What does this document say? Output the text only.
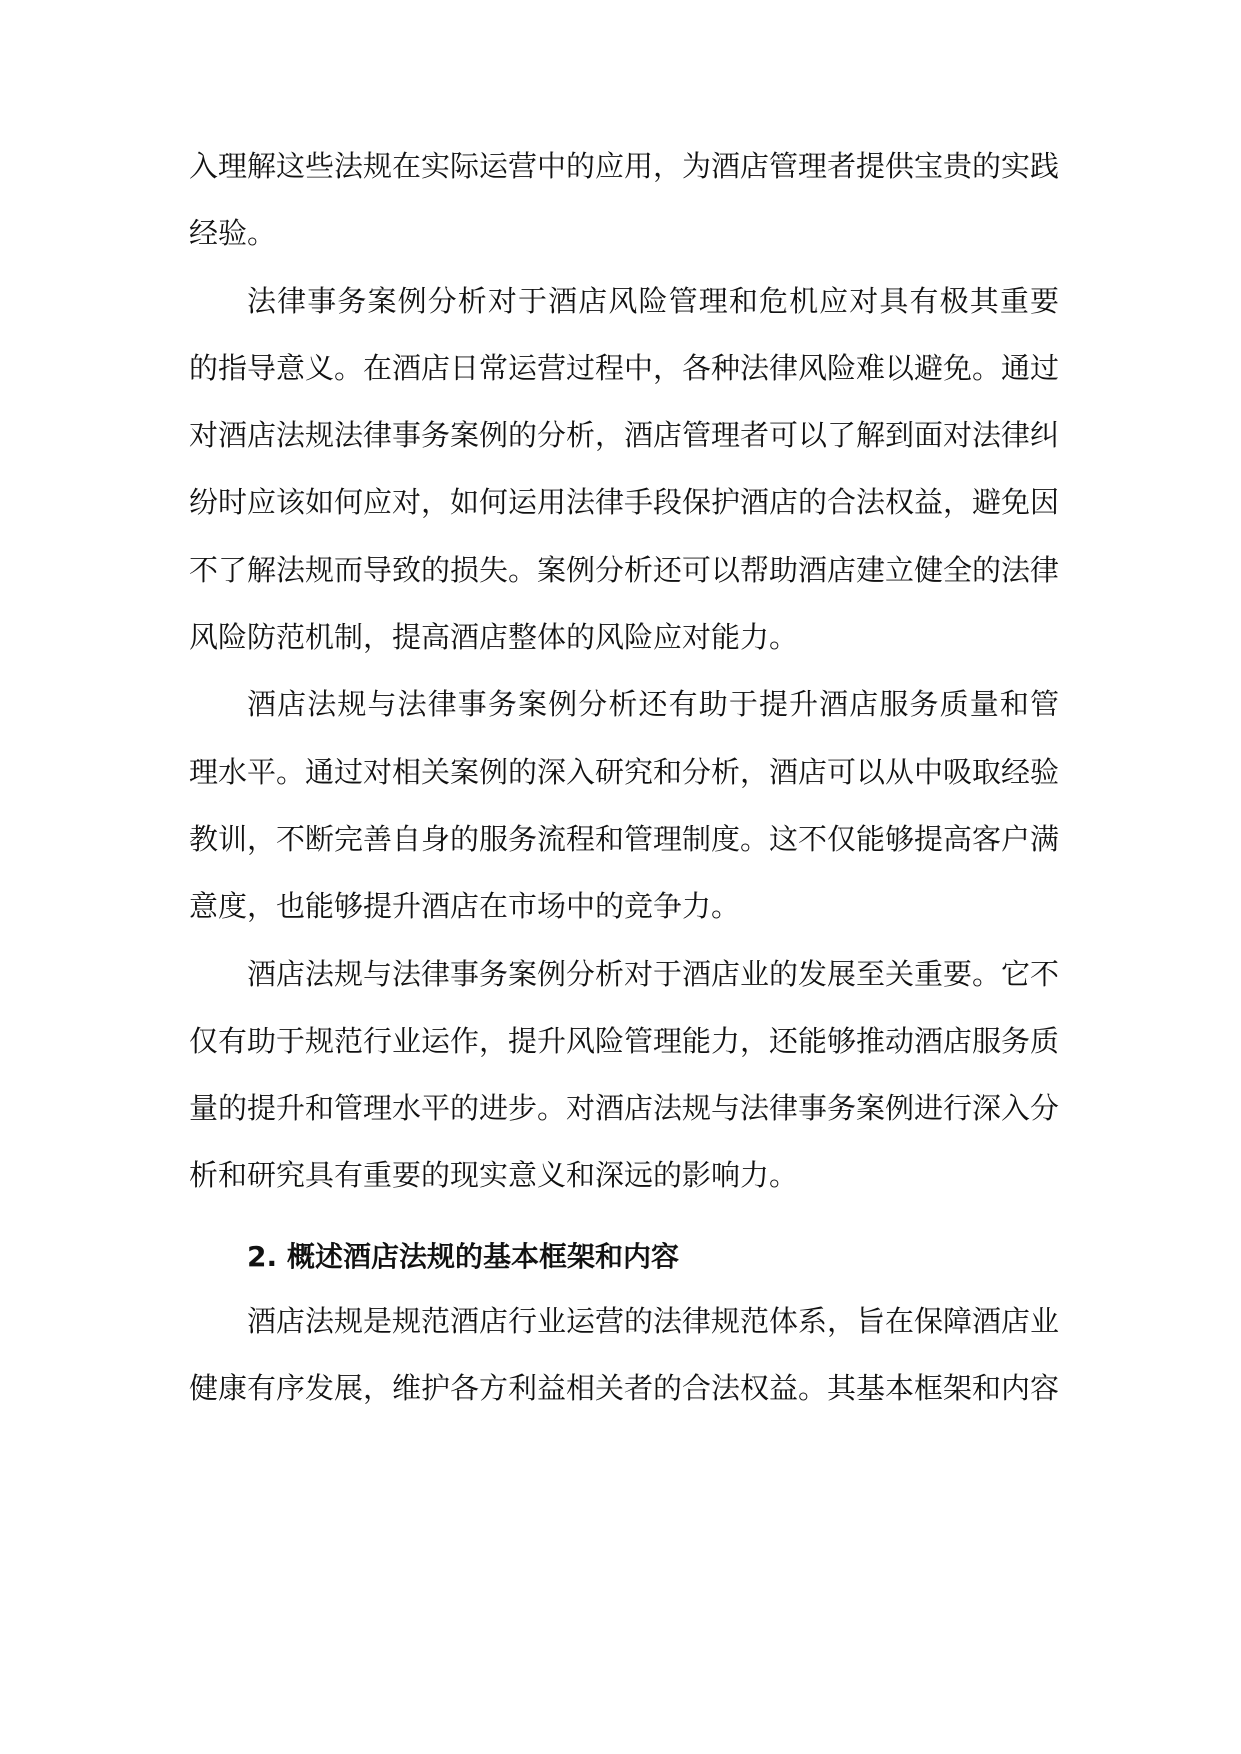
入理解这些法规在实际运营中的应用，为酒店管理者提供宝贵的实践
经验。
法律事务案例分析对于酒店风险管理和危机应对具有极其重要
的指导意义。在酒店日常运营过程中，各种法律风险难以避免。通过
对酒店法规法律事务案例的分析，酒店管理者可以了解到面对法律纠
纷时应该如何应对，如何运用法律手段保护酒店的合法权益，避免因
不了解法规而导致的损失。案例分析还可以帮助酒店建立健全的法律
风险防范机制，提高酒店整体的风险应对能力。
酒店法规与法律事务案例分析还有助于提升酒店服务质量和管
理水平。通过对相关案例的深入研究和分析，酒店可以从中吸取经验
教训，不断完善自身的服务流程和管理制度。这不仅能够提高客户满
意度，也能够提升酒店在市场中的竞争力。
酒店法规与法律事务案例分析对于酒店业的发展至关重要。它不
仅有助于规范行业运作，提升风险管理能力，还能够推动酒店服务质
量的提升和管理水平的进步。对酒店法规与法律事务案例进行深入分
析和研究具有重要的现实意义和深远的影响力。
2. 概述酒店法规的基本框架和内容
酒店法规是规范酒店行业运营的法律规范体系，旨在保障酒店业
健康有序发展，维护各方利益相关者的合法权益。其基本框架和内容
